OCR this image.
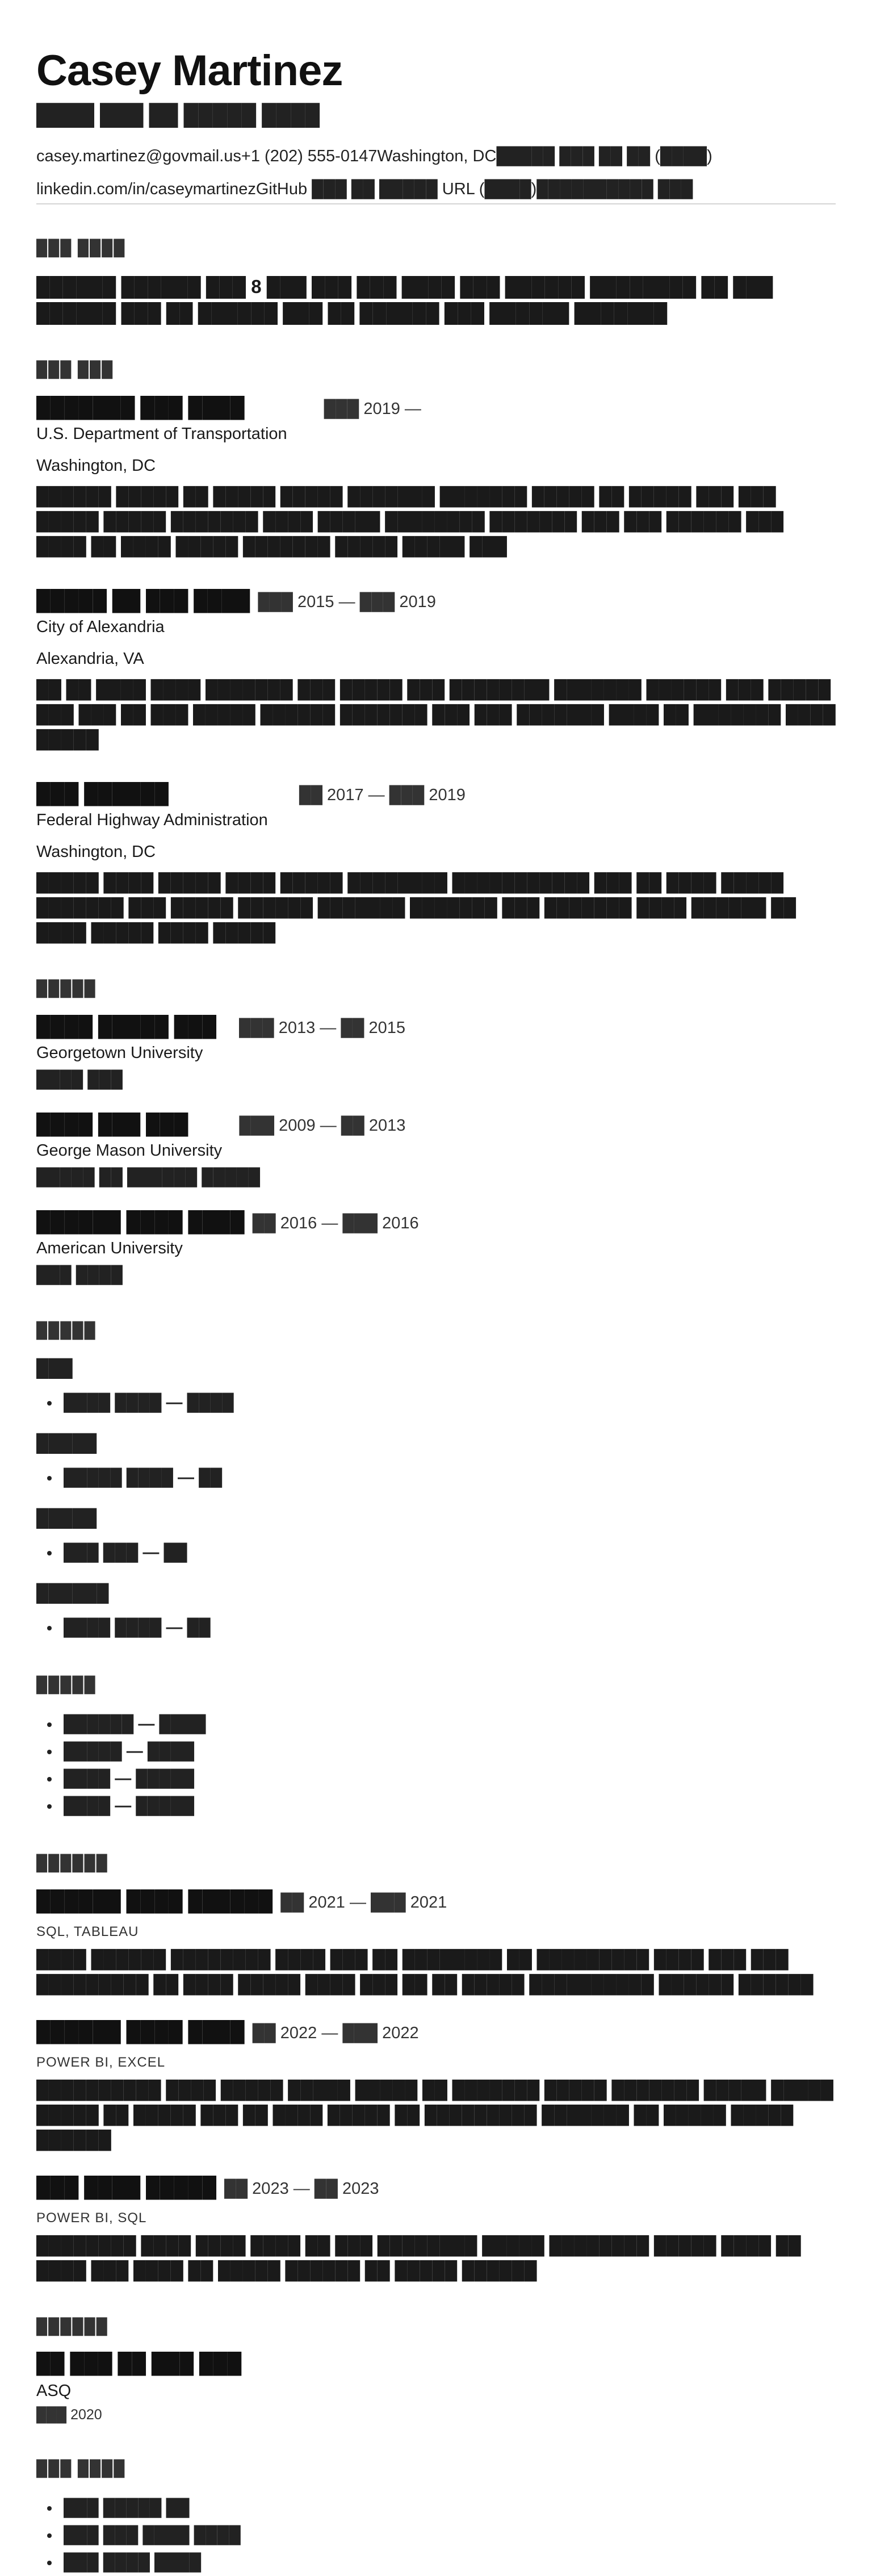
Casey Martinez
████ ███ ██ █████ ████
casey.martinez@govmail.us+1 (202) 555-0147Washington, DC█████ ███ ██ ██ (████)
linkedin.com/in/caseymartinezGitHub ███ ██ █████ URL (████)██████████ ███
███ ████
██████ ██████ ███ 8 ███ ███ ███ ████ ███ ██████ ████████ ██ ███ ██████ ███ ██ ██████ ███ ██ ██████ ███ ██████ ███████
███ ███
███████ ███ ████	███ 2019 —
U.S. Department of Transportation
Washington, DC
██████ █████ ██ █████ █████ ███████ ███████ █████ ██ █████ ███ ███ █████ █████ ███████ ████ █████ ████████ ███████ ███ ███ ██████ ███ ████ ██ ████ █████ ███████ █████ █████ ███
█████ ██ ███ ████ ███ 2015 — ███ 2019
City of Alexandria
Alexandria, VA
██ ██ ████ ████ ███████ ███ █████ ███ ████████ ███████ ██████ ███ █████ ███ ███ ██ ███ █████ ██████ ███████ ███ ███ ███████ ████ ██ ███████ ████ █████
███ ██████	██ 2017 — ███ 2019
Federal Highway Administration
Washington, DC
█████ ████ █████ ████ █████ ████████ ███████████ ███ ██ ████ █████ ███████ ███ █████ ██████ ███████ ███████ ███ ███████ ████ ██████ ██ ████ █████ ████ █████
█████
████ █████ ███ ███ 2013 — ██ 2015
Georgetown University
████ ███
████ ███ ███	███ 2009 — ██ 2013
George Mason University
█████ ██ ██████ █████
██████ ████ ████ ██ 2016 — ███ 2016
American University
███ ████
█████
███
• ████ ████ — ████
█████
• █████ ████ — ██
█████
• ███ ███ — ██
██████
• ████ ████ — ██
█████
• ██████ — ████
• █████ — ████
• ████ — █████
• ████ — █████
██████
██████ ████ ██████ ██ 2021 — ███ 2021
SQL, TABLEAU
████ ██████ ████████ ████ ███ ██ ████████ ██ █████████ ████ ███ ███ █████████ ██ ████ █████ ████ ███ ██ ██ █████ ██████████ ██████ ██████
██████ ████ ████ ██ 2022 — ███ 2022
POWER BI, EXCEL
██████████ ████ █████ █████ █████ ██ ███████ █████ ███████ █████ █████ █████ ██ █████ ███ ██ ████ █████ ██ █████████ ███████ ██ █████ █████ ██████
███ ████ █████ ██ 2023 — ██ 2023
POWER BI, SQL
████████ ████ ████ ████ ██ ███ ████████ █████ ████████ █████ ████ ██ ████ ███ ████ ██ █████ ██████ ██ █████ ██████
██████
██ ███ ██ ███ ███
ASQ
███ 2020
███ ████
• ███ █████ ██
• ███ ███ ████ ████
• ███ ████ ████
